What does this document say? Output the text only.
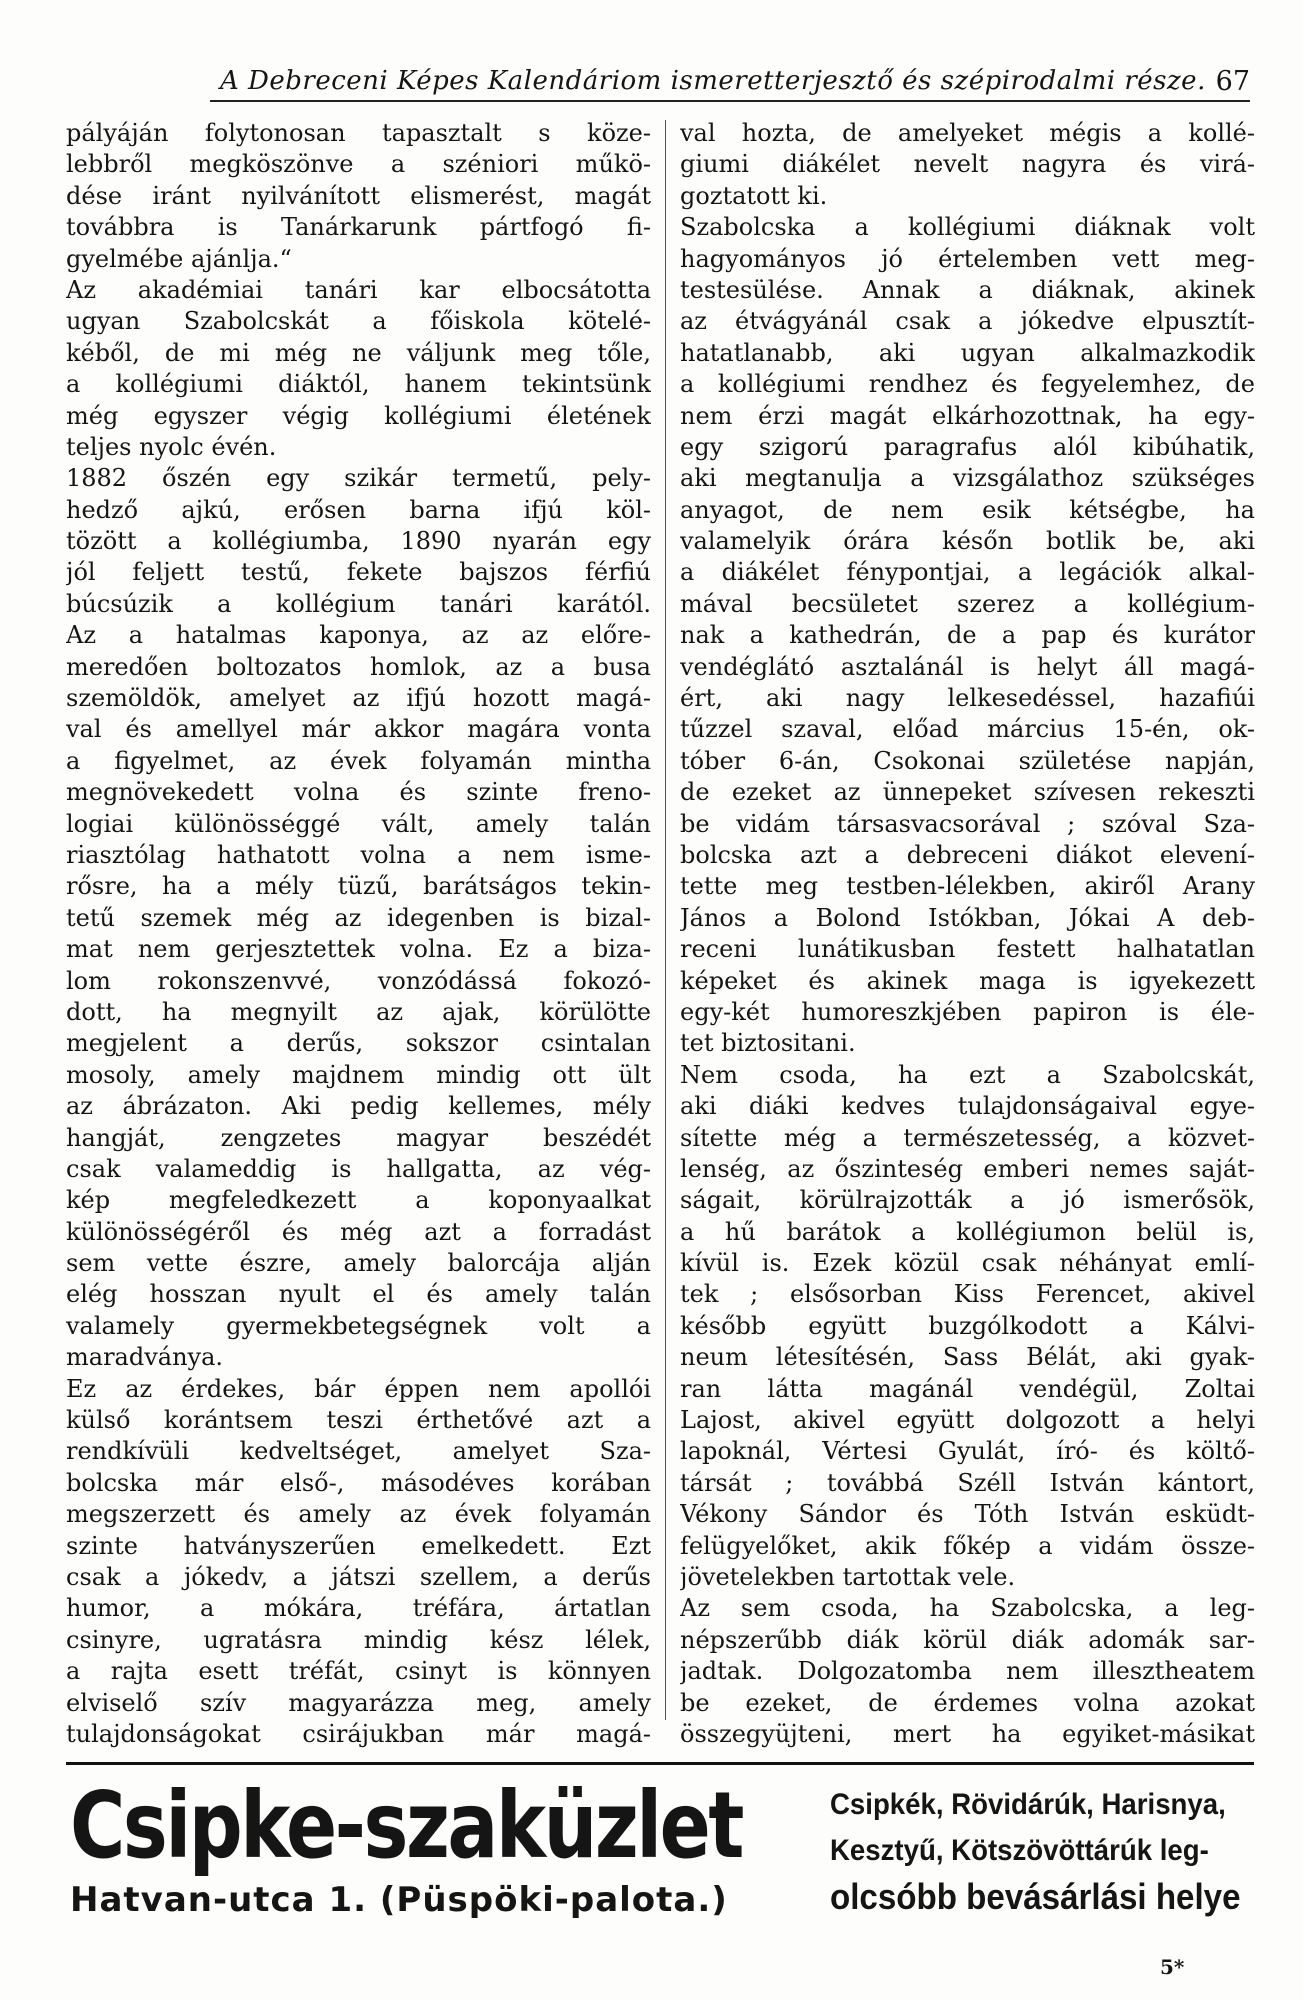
A Debreceni Képes Kalendáriom ismeretterjesztő és szépirodalmi része. 67
pályáján folytonosan tapasztalt s köze-
lebbről megköszönve a széniori műkö-
dése iránt nyilvánított elismerést, magát
továbbra is Tanárkarunk pártfogó fi-
gyelmébe ajánlja.“
Az akadémiai tanári kar elbocsátotta
ugyan Szabolcskát a főiskola kötelé-
kéből, de mi még ne váljunk meg tőle,
a kollégiumi diáktól, hanem tekintsünk
még egyszer végig kollégiumi életének
teljes nyolc évén.
1882 őszén egy szikár termetű, pely-
hedző ajkú, erősen barna ifjú köl-
tözött a kollégiumba, 1890 nyarán egy
jól feljett testű, fekete bajszos férfiú
búcsúzik a kollégium tanári karától.
Az a hatalmas kaponya, az az előre-
meredően boltozatos homlok, az a busa
szemöldök, amelyet az ifjú hozott magá-
val és amellyel már akkor magára vonta
a figyelmet, az évek folyamán mintha
megnövekedett volna és szinte freno-
logiai különösséggé vált, amely talán
riasztólag hathatott volna a nem isme-
rősre, ha a mély tüzű, barátságos tekin-
tetű szemek még az idegenben is bizal-
mat nem gerjesztettek volna. Ez a biza-
lom rokonszenvvé, vonzódássá fokozó-
dott, ha megnyilt az ajak, körülötte
megjelent a derűs, sokszor csintalan
mosoly, amely majdnem mindig ott ült
az ábrázaton. Aki pedig kellemes, mély
hangját, zengzetes magyar beszédét
csak valameddig is hallgatta, az vég-
kép megfeledkezett a koponyaalkat
különösségéről és még azt a forradást
sem vette észre, amely balorcája alján
elég hosszan nyult el és amely talán
valamely gyermekbetegségnek volt a
maradványa.
Ez az érdekes, bár éppen nem apollói
külső korántsem teszi érthetővé azt a
rendkívüli kedveltséget, amelyet Sza-
bolcska már első-, másodéves korában
megszerzett és amely az évek folyamán
szinte hatványszerűen emelkedett. Ezt
csak a jókedv, a játszi szellem, a derűs
humor, a mókára, tréfára, ártatlan
csinyre, ugratásra mindig kész lélek,
a rajta esett tréfát, csinyt is könnyen
elviselő szív magyarázza meg, amely
tulajdonságokat csirájukban már magá-
val hozta, de amelyeket mégis a kollé-
giumi diákélet nevelt nagyra és virá-
goztatott ki.
Szabolcska a kollégiumi diáknak volt
hagyományos jó értelemben vett meg-
testesülése. Annak a diáknak, akinek
az étvágyánál csak a jókedve elpusztít-
hatatlanabb, aki ugyan alkalmazkodik
a kollégiumi rendhez és fegyelemhez, de
nem érzi magát elkárhozottnak, ha egy-
egy szigorú paragrafus alól kibúhatik,
aki megtanulja a vizsgálathoz szükséges
anyagot, de nem esik kétségbe, ha
valamelyik órára későn botlik be, aki
a diákélet fénypontjai, a legációk alkal-
mával becsületet szerez a kollégium-
nak a kathedrán, de a pap és kurátor
vendéglátó asztalánál is helyt áll magá-
ért, aki nagy lelkesedéssel, hazafiúi
tűzzel szaval, előad március 15-én, ok-
tóber 6-án, Csokonai születése napján,
de ezeket az ünnepeket szívesen rekeszti
be vidám társasvacsorával ; szóval Sza-
bolcska azt a debreceni diákot elevení-
tette meg testben-lélekben, akiről Arany
János a Bolond Istókban, Jókai A deb-
receni lunátikusban festett halhatatlan
képeket és akinek maga is igyekezett
egy-két humoreszkjében papiron is éle-
tet biztositani.
Nem csoda, ha ezt a Szabolcskát,
aki diáki kedves tulajdonságaival egye-
sítette még a természetesség, a közvet-
lenség, az őszinteség emberi nemes saját-
ságait, körülrajzották a jó ismerősök,
a hű barátok a kollégiumon belül is,
kívül is. Ezek közül csak néhányat emlí-
tek ; elsősorban Kiss Ferencet, akivel
később együtt buzgólkodott a Kálvi-
neum létesítésén, Sass Bélát, aki gyak-
ran látta magánál vendégül, Zoltai
Lajost, akivel együtt dolgozott a helyi
lapoknál, Vértesi Gyulát, író- és költő-
társát ; továbbá Széll István kántort,
Vékony Sándor és Tóth István esküdt-
felügyelőket, akik főkép a vidám össze-
jövetelekben tartottak vele.
Az sem csoda, ha Szabolcska, a leg-
népszerűbb diák körül diák adomák sar-
jadtak. Dolgozatomba nem illesztheatem
be ezeket, de érdemes volna azokat
összegyüjteni, mert ha egyiket-másikat
Csipke-szaküzlet
Hatvan-utca 1. (Püspöki-palota.)
Csipkék, Rövidárúk, Harisnya,
Kesztyű, Kötszövöttárúk leg-
olcsóbb bevásárlási helye
5*
